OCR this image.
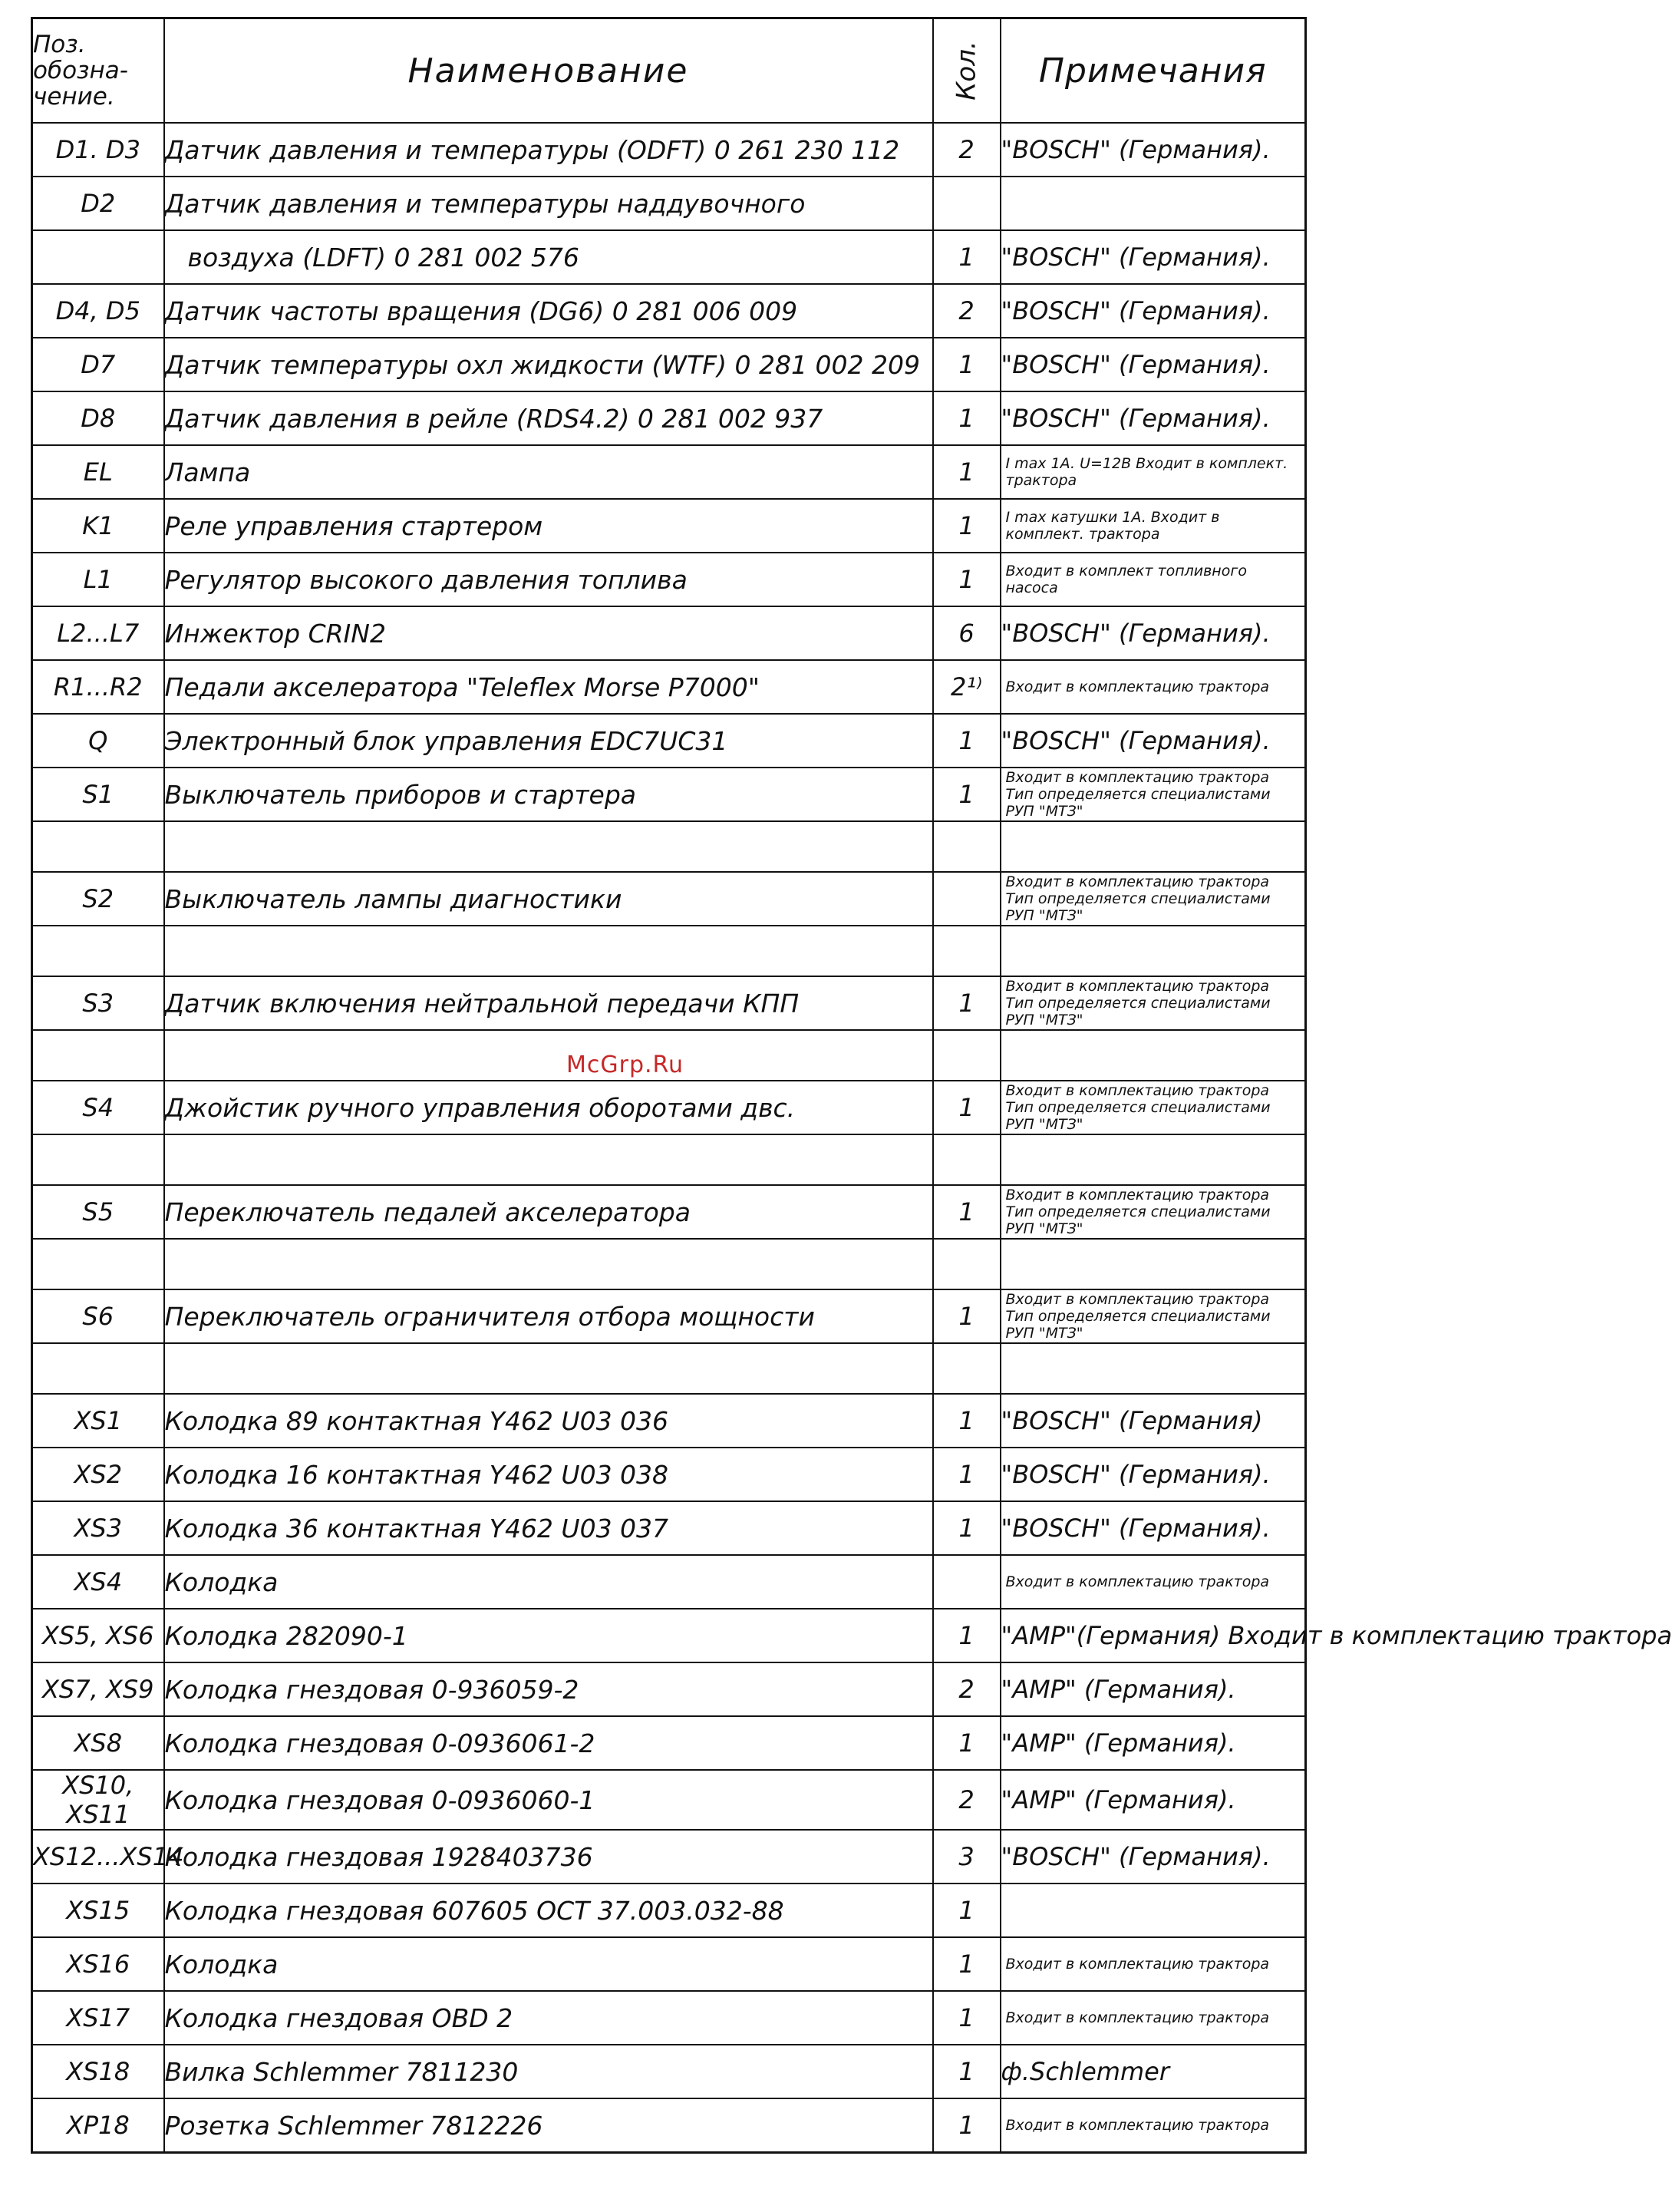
Поз. обозна- чение.	Наименование	Кол.	Примечания
D1. D3	Датчик давления и температуры (ODFT) 0 261 230 112	2	"BOSCH" (Германия).
D2	Датчик давления и температуры наддувочного		
	воздуха (LDFT) 0 281 002 576	1	"BOSCH" (Германия).
D4, D5	Датчик частоты вращения (DG6) 0 281 006 009	2	"BOSCH" (Германия).
D7	Датчик температуры охл жидкости (WTF) 0 281 002 209	1	"BOSCH" (Германия).
D8	Датчик давления в рейле (RDS4.2) 0 281 002 937	1	"BOSCH" (Германия).
EL	Лампа	1	I max 1A. U=12B Входит в комплект. трактора
K1	Реле управления стартером	1	I max катушки 1A. Входит в комплект. трактора
L1	Регулятор высокого давления топлива	1	Входит в комплект топливного насоса
L2...L7	Инжектор CRIN2	6	"BOSCH" (Германия).
R1...R2	Педали акселератора "Teleflex Morse P7000"	2¹⁾	Входит в комплектацию трактора
Q	Электронный блок управления EDC7UC31	1	"BOSCH" (Германия).
S1	Выключатель приборов и стартера	1	Входит в комплектацию трактора Тип определяется специалистами РУП "МТЗ"

S2	Выключатель лампы диагностики		Входит в комплектацию трактора Тип определяется специалистами РУП "МТЗ"

S3	Датчик включения нейтральной передачи КПП	1	Входит в комплектацию трактора Тип определяется специалистами РУП "МТЗ"

S4	Джойстик ручного управления оборотами двс.	1	Входит в комплектацию трактора Тип определяется специалистами РУП "МТЗ"

S5	Переключатель педалей акселератора	1	Входит в комплектацию трактора Тип определяется специалистами РУП "МТЗ"

S6	Переключатель ограничителя отбора мощности	1	Входит в комплектацию трактора Тип определяется специалистами РУП "МТЗ"

XS1	Колодка 89 контактная Y462 U03 036	1	"BOSCH" (Германия)
XS2	Колодка 16 контактная Y462 U03 038	1	"BOSCH" (Германия).
XS3	Колодка 36 контактная Y462 U03 037	1	"BOSCH" (Германия).
XS4	Колодка		Входит в комплектацию трактора
XS5, XS6	Колодка 282090-1	1	"AMP"(Германия) Входит в комплектацию трактора
XS7, XS9	Колодка гнездовая 0-936059-2	2	"AMP" (Германия).
XS8	Колодка гнездовая 0-0936061-2	1	"AMP" (Германия).
XS10, XS11	Колодка гнездовая 0-0936060-1	2	"AMP" (Германия).
XS12...XS14	Колодка гнездовая 1928403736	3	"BOSCH" (Германия).
XS15	Колодка гнездовая 607605 ОСТ 37.003.032-88	1	
XS16	Колодка	1	Входит в комплектацию трактора
XS17	Колодка гнездовая OBD 2	1	Входит в комплектацию трактора
XS18	Вилка Schlemmer 7811230	1	ф.Schlemmer
XP18	Розетка Schlemmer 7812226	1	Входит в комплектацию трактора
McGrp.Ru
